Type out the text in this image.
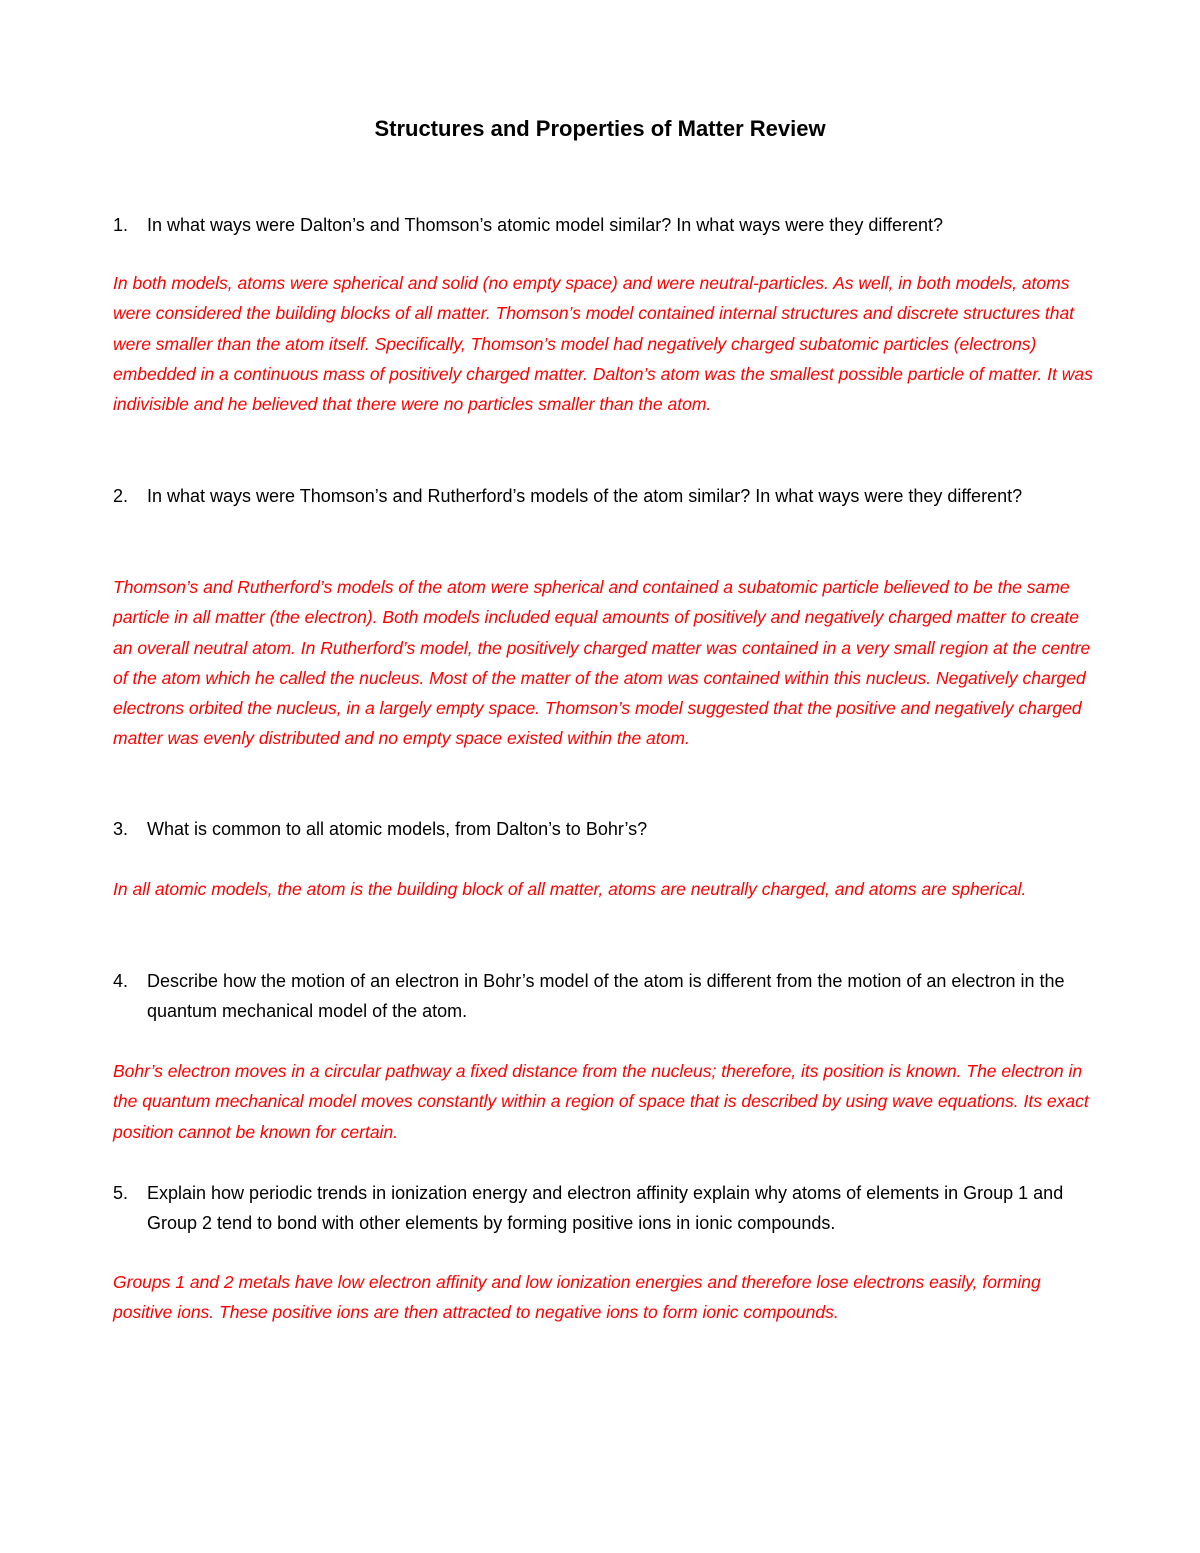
Structures and Properties of Matter Review
1.	In what ways were Dalton’s and Thomson’s atomic model similar? In what ways were they different?
In both models, atoms were spherical and solid (no empty space) and were neutral-particles. As well, in both models, atoms were considered the building blocks of all matter. Thomson’s model contained internal structures and discrete structures that were smaller than the atom itself. Specifically, Thomson’s model had negatively charged subatomic particles (electrons) embedded in a continuous mass of positively charged matter. Dalton’s atom was the smallest possible particle of matter. It was indivisible and he believed that there were no particles smaller than the atom.
2.	In what ways were Thomson’s and Rutherford’s models of the atom similar? In what ways were they different?
Thomson’s and Rutherford’s models of the atom were spherical and contained a subatomic particle believed to be the same particle in all matter (the electron). Both models included equal amounts of positively and negatively charged matter to create an overall neutral atom. In Rutherford’s model, the positively charged matter was contained in a very small region at the centre of the atom which he called the nucleus. Most of the matter of the atom was contained within this nucleus. Negatively charged electrons orbited the nucleus, in a largely empty space. Thomson’s model suggested that the positive and negatively charged matter was evenly distributed and no empty space existed within the atom.
3.	What is common to all atomic models, from Dalton’s to Bohr’s?
In all atomic models, the atom is the building block of all matter, atoms are neutrally charged, and atoms are spherical.
4.	Describe how the motion of an electron in Bohr’s model of the atom is different from the motion of an electron in the quantum mechanical model of the atom.
Bohr’s electron moves in a circular pathway a fixed distance from the nucleus; therefore, its position is known. The electron in the quantum mechanical model moves constantly within a region of space that is described by using wave equations. Its exact position cannot be known for certain.
5.	Explain how periodic trends in ionization energy and electron affinity explain why atoms of elements in Group 1 and Group 2 tend to bond with other elements by forming positive ions in ionic compounds.
Groups 1 and 2 metals have low electron affinity and low ionization energies and therefore lose electrons easily, forming positive ions. These positive ions are then attracted to negative ions to form ionic compounds.
